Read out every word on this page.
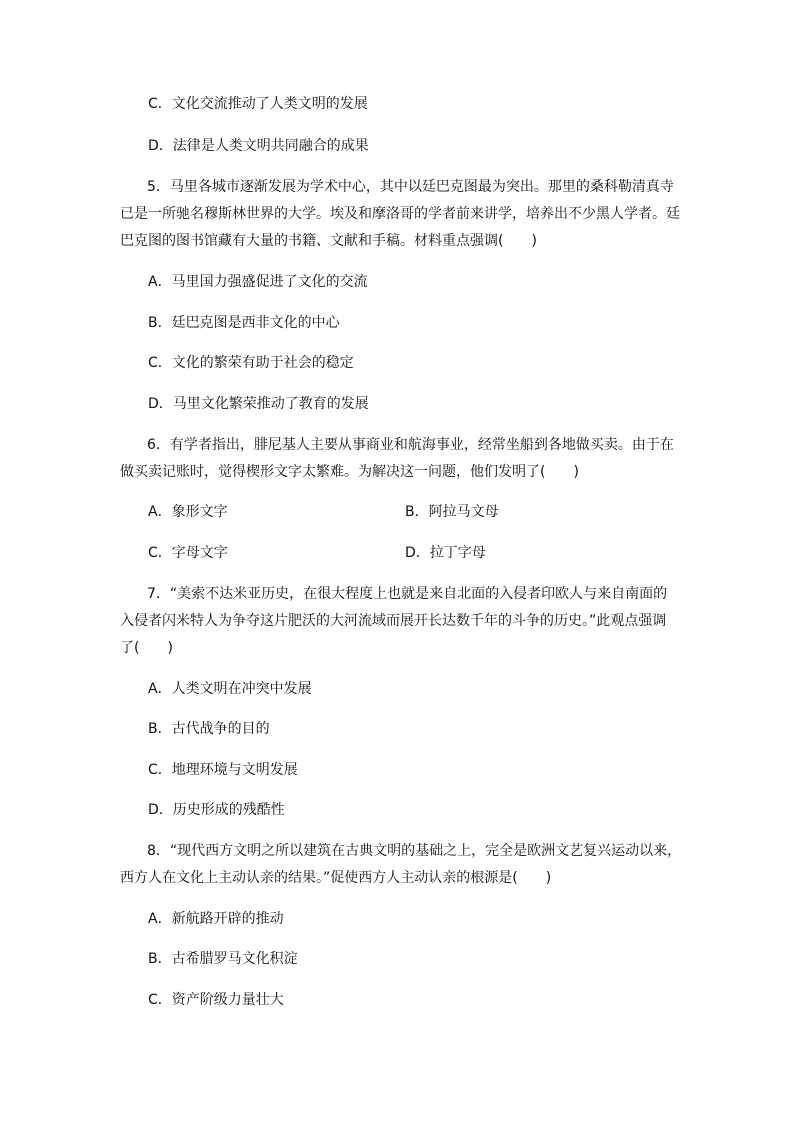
C．文化交流推动了人类文明的发展
D．法律是人类文明共同融合的成果
5．马里各城市逐渐发展为学术中心，其中以廷巴克图最为突出。那里的桑科勒清真寺
已是一所驰名穆斯林世界的大学。埃及和摩洛哥的学者前来讲学，培养出不少黑人学者。廷
巴克图的图书馆藏有大量的书籍、文献和手稿。材料重点强调(　　)
A．马里国力强盛促进了文化的交流
B．廷巴克图是西非文化的中心
C．文化的繁荣有助于社会的稳定
D．马里文化繁荣推动了教育的发展
6．有学者指出，腓尼基人主要从事商业和航海事业，经常坐船到各地做买卖。由于在
做买卖记账时，觉得楔形文字太繁难。为解决这一问题，他们发明了(　　)
A．象形文字	B．阿拉马文母
C．字母文字	D．拉丁字母
7．“美索不达米亚历史，在很大程度上也就是来自北面的入侵者印欧人与来自南面的
入侵者闪米特人为争夺这片肥沃的大河流域而展开长达数千年的斗争的历史。”此观点强调
了(　　)
A．人类文明在冲突中发展
B．古代战争的目的
C．地理环境与文明发展
D．历史形成的残酷性
8．“现代西方文明之所以建筑在古典文明的基础之上，完全是欧洲文艺复兴运动以来，
西方人在文化上主动认亲的结果。”促使西方人主动认亲的根源是(　　)
A．新航路开辟的推动
B．古希腊罗马文化积淀
C．资产阶级力量壮大
